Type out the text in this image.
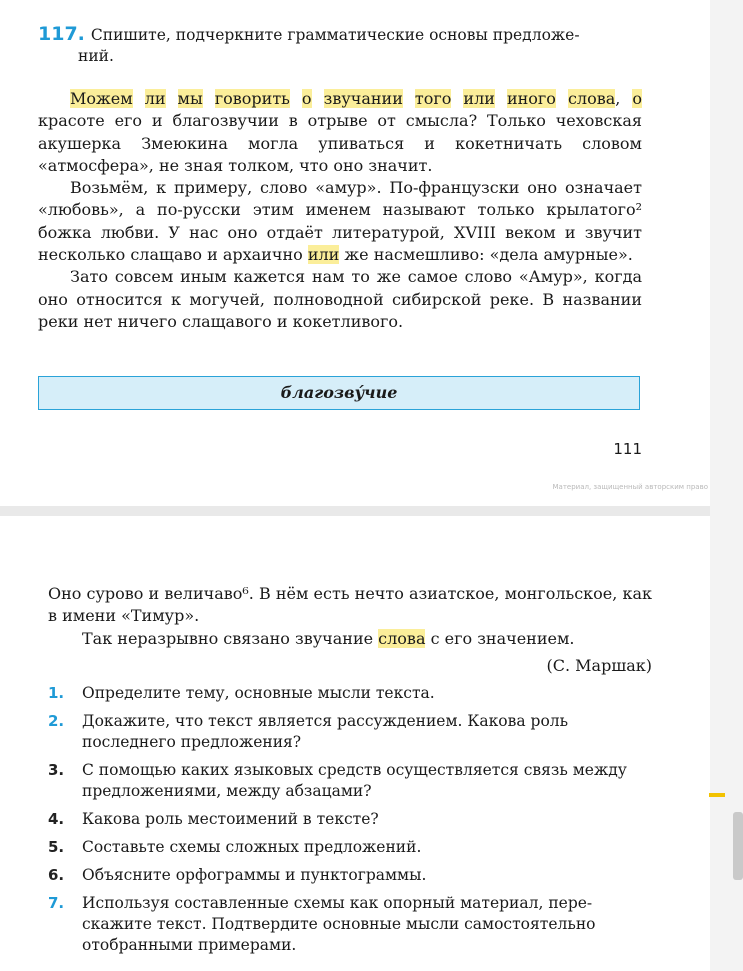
117. Спишите, подчеркните грамматические основы предложе-
ний.

Можем ли мы говорить о звучании того или иного слова, о красоте его и благозвучии в отрыве от смысла? Только чеховская акушерка Змеюкина могла упиваться и кокетничать словом «атмосфера», не зная толком, что оно значит.

Возьмём, к примеру, слово «амур». По-французски оно означает «любовь», а по-русски этим именем называют только крылатого² божка любви. У нас оно отдаёт литературой, XVIII веком и звучит несколько слащаво и архаично или же насмешливо: «дела амурные».

Зато совсем иным кажется нам то же самое слово «Амур», когда оно относится к могучей, полноводной сибирской реке. В названии реки нет ничего слащавого и кокетливого.

благозву́чие
111
Материал, защищенный авторским право

Оно сурово и величаво⁶. В нём есть нечто азиатское, монгольское, как в имени «Тимур».

Так неразрывно связано звучание слова с его значением.

(С. Маршак)
1. Определите тему, основные мысли текста.
2. Докажите, что текст является рассуждением. Какова роль последнего предложения?
3. С помощью каких языковых средств осуществляется связь между предложениями, между абзацами?
4. Какова роль местоимений в тексте?
5. Составьте схемы сложных предложений.
6. Объясните орфограммы и пунктограммы.
7. Используя составленные схемы как опорный материал, перескажите текст. Подтвердите основные мысли самостоятельно отобранными примерами.
